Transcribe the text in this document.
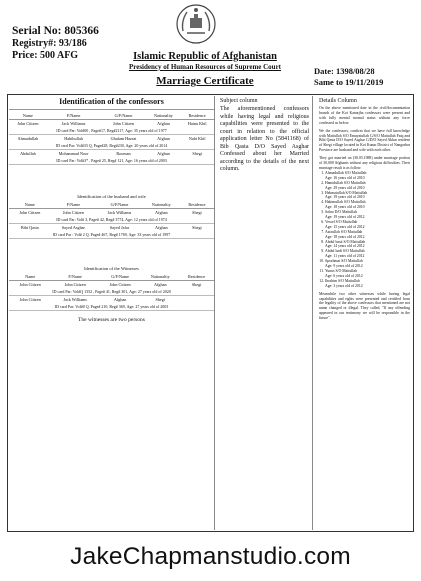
Serial No: 805366
Registry#: 93/186
Price: 500 AFG	Islamic Republic of Afghanistan
Presidency of Human Resources of Supreme Court
Marriage Certificate
Date: 1398/08/28
Same to 19/11/2019
Identification of the confessors
Name	F/Name	G/F/Name	Nationality	Residence
John Citizen	Jack Williams	John Citizen	Afghan	Hainu Khil
ID card Par: Vol#00 , Page#17, Reg#2117, Age: 35 years old of 1977				
Ahmadullah	Habibullah	Ghulam Hazrat	Afghan	Nabi Khil
ID card Par: Vol#33 Q, Page#28, Reg#230, Age: 20 years old of 2014				
Abdullah	Mohammad Noor	Rooman	Afghan	Shegi
ID card Par: Vol#3* , Page# 25, Reg# 121, Age: 16 years old of 2003				
Identification of the husband and wife
Name	F/Name	G/F/Name	Nationality	Residence
John Citizen	John Citizen	Jack Williams	Afghan	Shegi
ID card Par: Vol# 3, Page# 42, Reg# 3774, Age: 12 years old of 1974				
Bibi Qasta	Sayed Asghar	Sayed Jafar	Afghan	Shegi
ID card Par : Vol# 2 Q, Page# 467, Reg# 1769, Age: 33 years old of 1997				
Identification of the Witnesses
Name	F/Name	G/F/Name	Nationality	Residence
John Citizen	John Citizen	John Citizen	Afghan	Shegi
ID card Par: Vol#Q 1352 , Page# 41, Reg# 301, Age: 27 years old of 2020				
John Citizen	Jack Williams	Afghan	Shegi	
ID card Par: Vol#0 Q, Page# 210, Reg# 369, Age: 27 years old of 2003				
The witnesses are two persons
Subject column
The aforementioned confessors while having legal and religious capabilities were presented to the court in relation to the official application letter No (5841168) of Bib Qasta D/O Sayed Asghar Confessed about her Married according to the details of the next column.
Details Column

On the above mentioned date in the civil/documentation branch of the Kot Kanarjha confessors were present and with fully mental normal status without any force confessed as below:

We the confessors, confirm that we have full knowledge with Matiullah S/O Emayatullah G/S/O Matiullah Faiq and Bibi Qasta D/O Sayed Asghar G/D/O Sayed Akbar resident of Shegi village located in Kot Kunar District of Nangarhar Province are husband and wife with each other.

They got married on (30.05.1988) under marriage portion of 30,000 Afghanis without any religious difficulties. Their marriage result is as follow:

1. Ahmadullah S/O Matiullah
Age: 16 years old of 2010
2. Hamidullah S/O Matiullah
Age: 29 years old of 2010
3. Hekmatullah S/O Matiullah
Age: 19 years old of 2010
4. Hakimullah S/O Matiullah
Age: 18 years old of 2010
5. Sahra D/O Matiullah
Age: 19 years old of 2012
6. Vessel S/O Matiullah
Age: 15 years old of 2012
7. Azizullah S/O Matiullah
Age: 18 years old of 2012
8. Abdul basit S/O Matiullah
Age: 14 years old of 2012
9. Abdul hadi S/O Matiullah
Age: 11 years old of 2012
10. Spozhmai S/O Matiullah
Age: 9 years old of 2012
11. Yunus S/O Matiullah
Age: 6 years old of 2012
12. Ibrahim S/O Matiullah
Age: 3 years old of 2012

Meanwhile two other witnesses while having legal capabilities and rights were presented and certified from the legality of the above confessors that mentioned are not name changed or illegal. They called, "If any offending appeared in our testimony we will be responsible in the future".

JakeChapmanstudio.com
